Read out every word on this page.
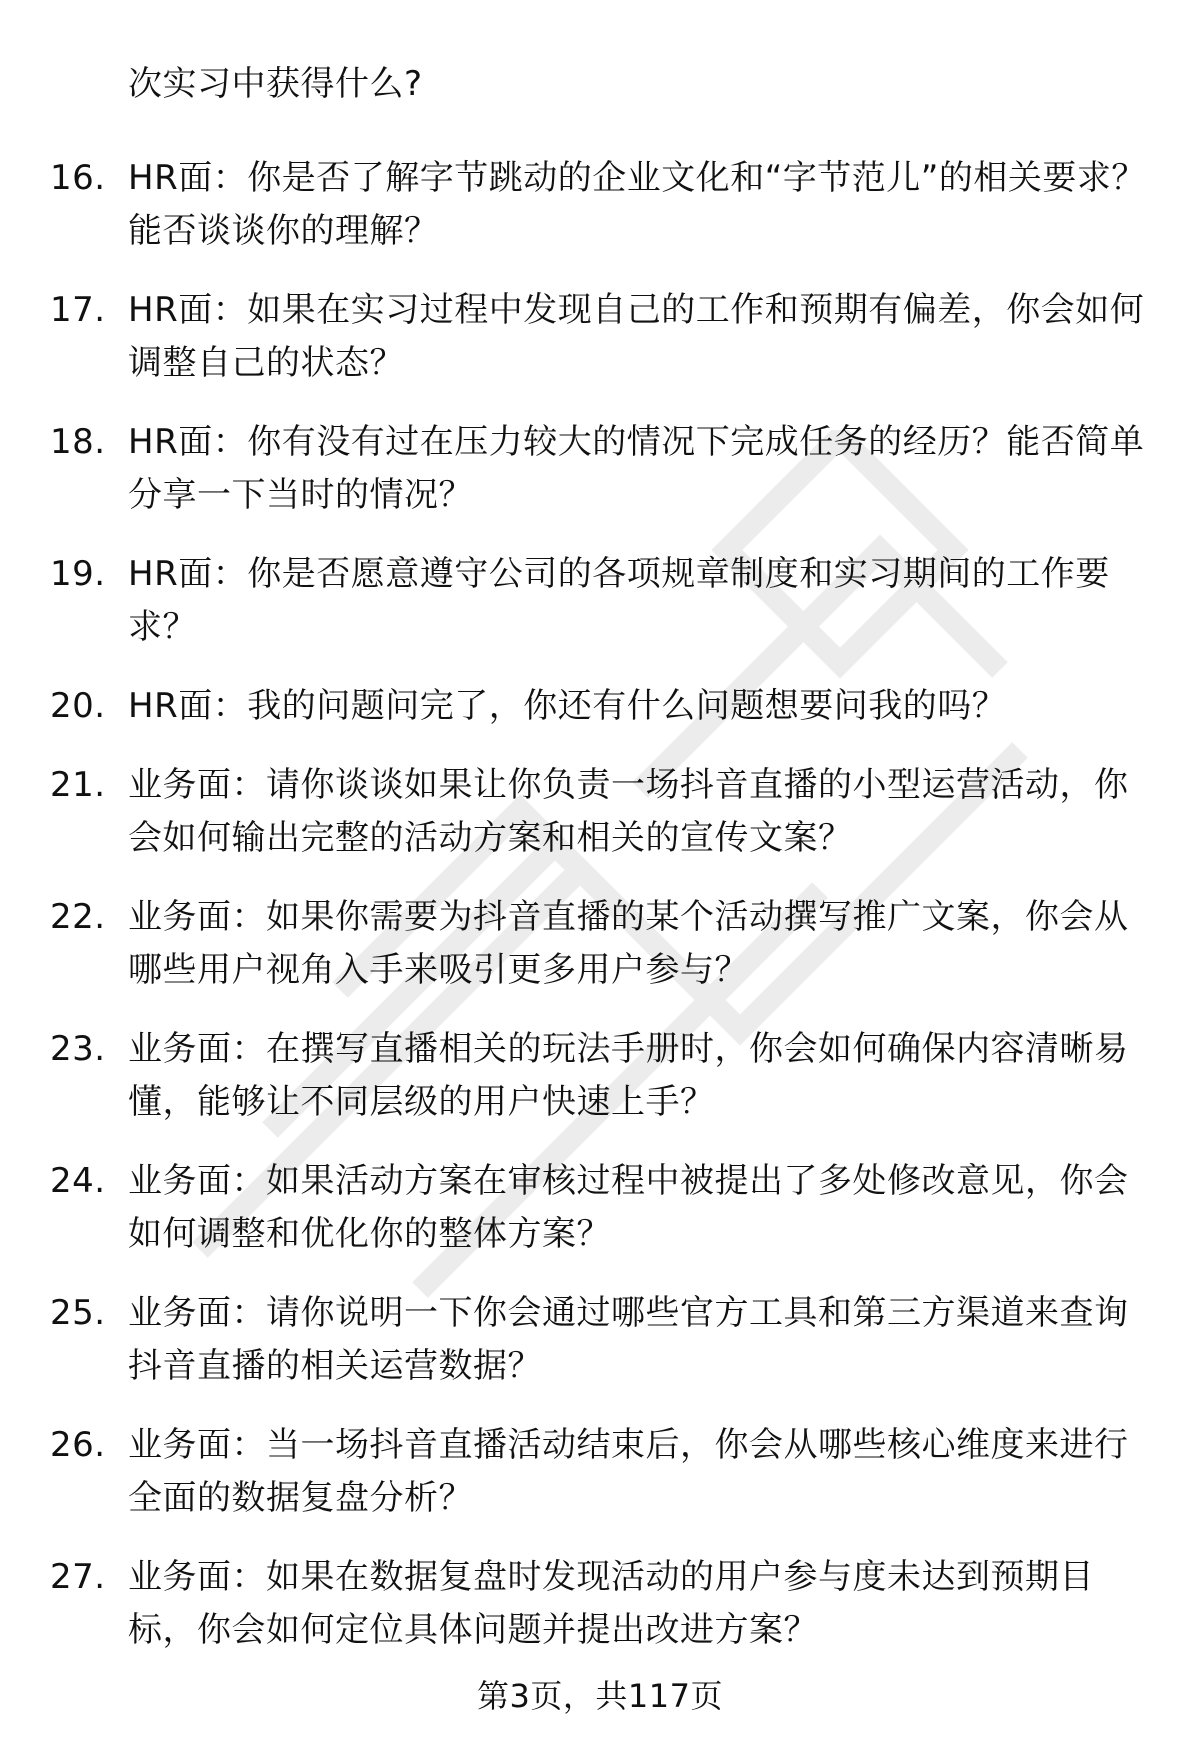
次实习中获得什么?
16. HR面：你是否了解字节跳动的企业文化和“字节范儿”的相关要求？能否谈谈你的理解？
17. HR面：如果在实习过程中发现自己的工作和预期有偏差，你会如何调整自己的状态？
18. HR面：你有没有过在压力较大的情况下完成任务的经历？能否简单分享一下当时的情况？
19. HR面：你是否愿意遵守公司的各项规章制度和实习期间的工作要求？
20. HR面：我的问题问完了，你还有什么问题想要问我的吗？
21. 业务面：请你谈谈如果让你负责一场抖音直播的小型运营活动，你会如何输出完整的活动方案和相关的宣传文案？
22. 业务面：如果你需要为抖音直播的某个活动撰写推广文案，你会从哪些用户视角入手来吸引更多用户参与？
23. 业务面：在撰写直播相关的玩法手册时，你会如何确保内容清晰易懂，能够让不同层级的用户快速上手？
24. 业务面：如果活动方案在审核过程中被提出了多处修改意见，你会如何调整和优化你的整体方案？
25. 业务面：请你说明一下你会通过哪些官方工具和第三方渠道来查询抖音直播的相关运营数据？
26. 业务面：当一场抖音直播活动结束后，你会从哪些核心维度来进行全面的数据复盘分析？
27. 业务面：如果在数据复盘时发现活动的用户参与度未达到预期目标，你会如何定位具体问题并提出改进方案？
第3页，共117页
